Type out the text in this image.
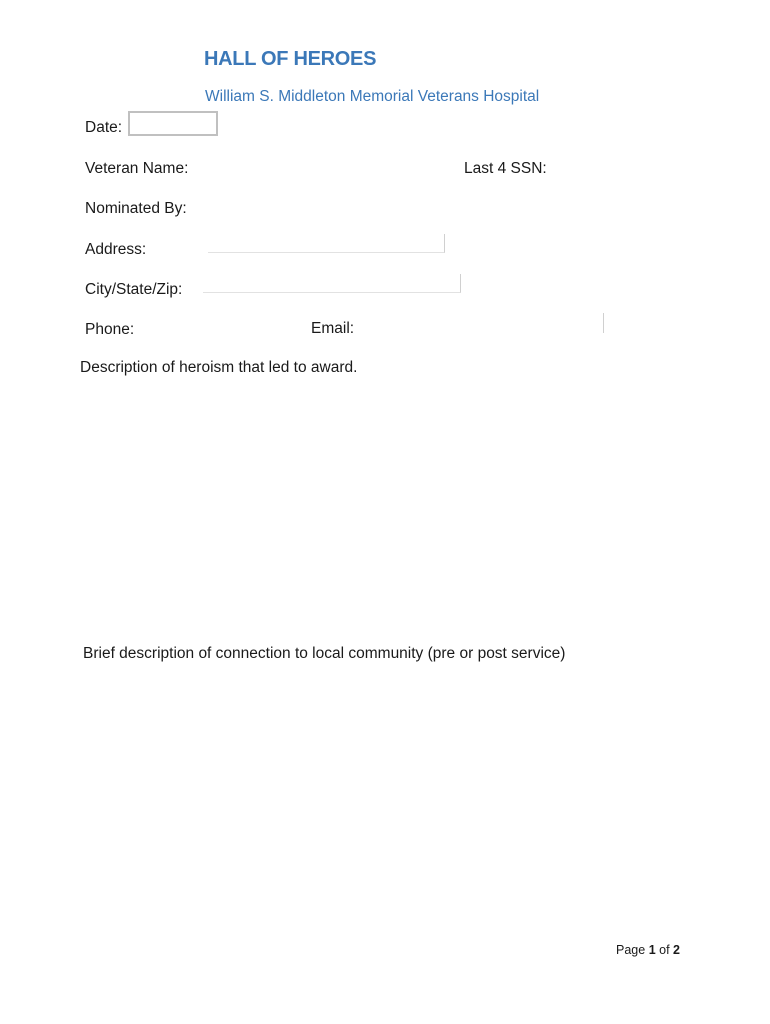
HALL OF HEROES
William S. Middleton Memorial Veterans Hospital
Date:
Veteran Name:	Last 4 SSN:
Nominated By:
Address:
City/State/Zip:
Phone:	Email:
Description of heroism that led to award.
Brief description of connection to local community (pre or post service)
Page 1 of 2
